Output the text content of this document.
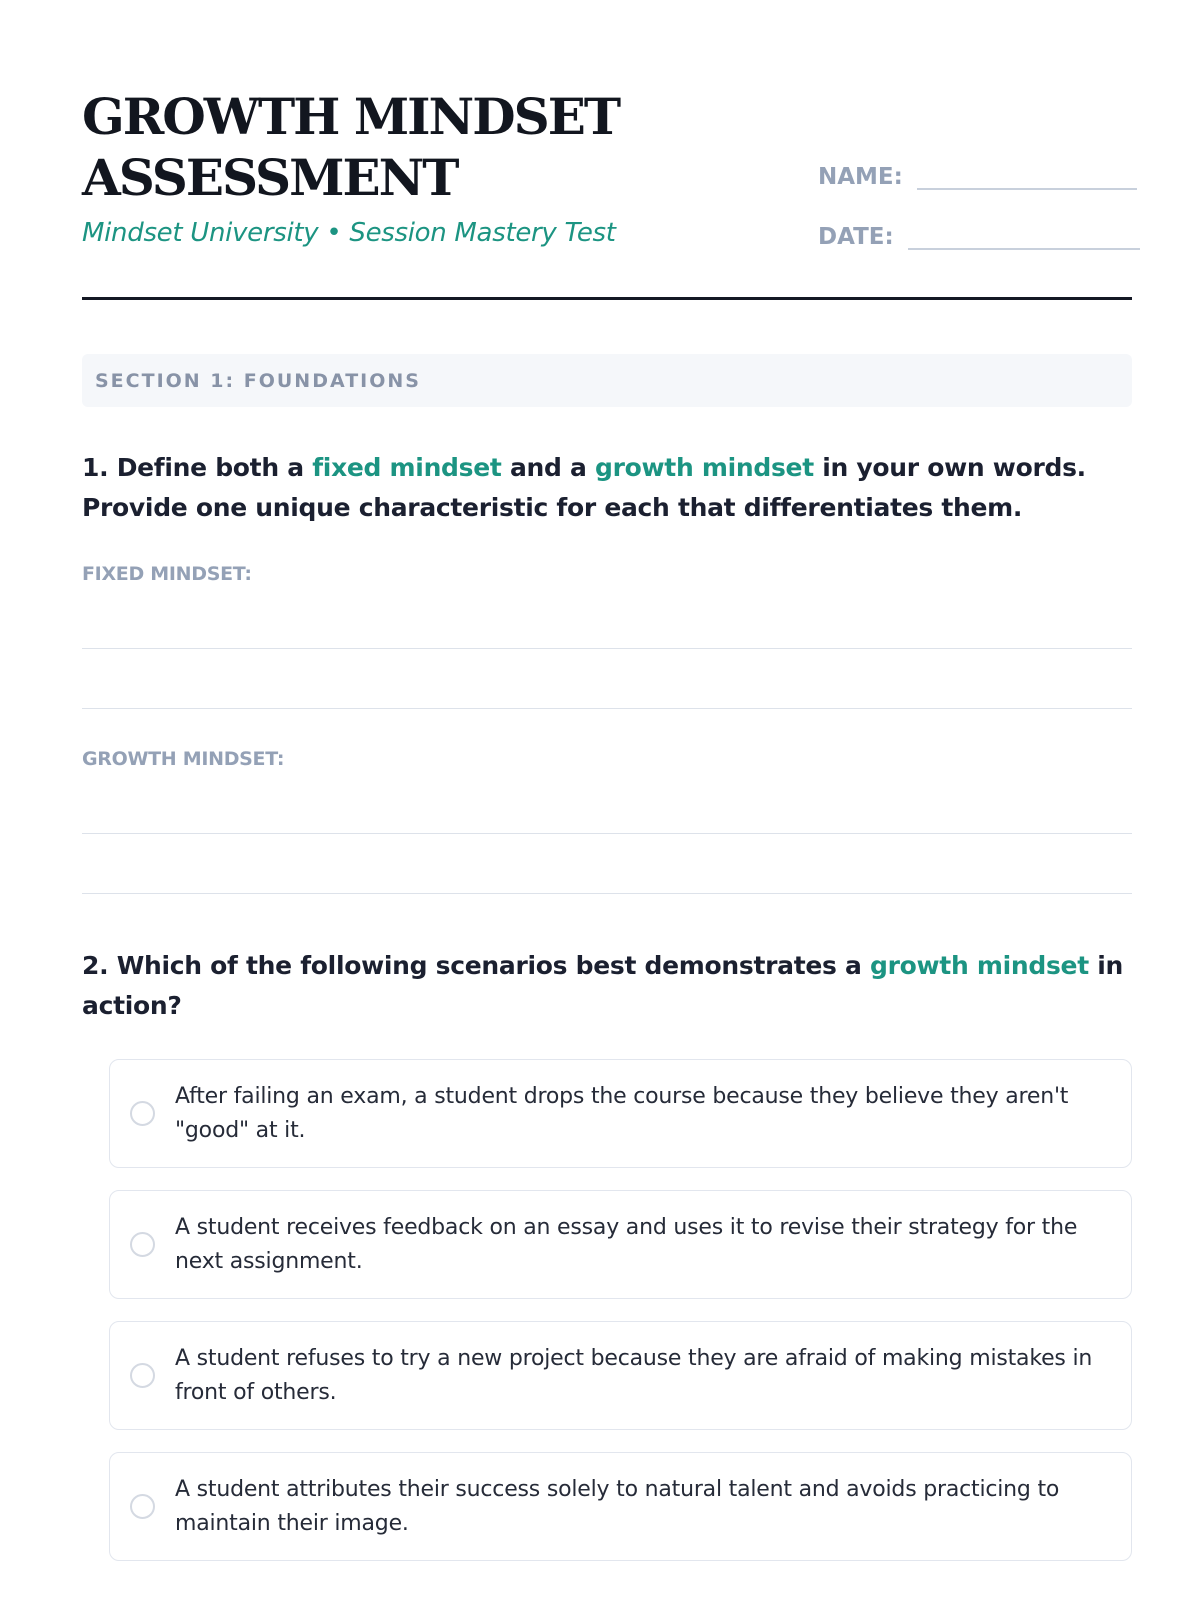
GROWTH MINDSET
ASSESSMENT
Mindset University • Session Mastery Test
NAME:
DATE:
SECTION 1: FOUNDATIONS
1. Define both a fixed mindset and a growth mindset in your own words. Provide one unique characteristic for each that differentiates them.
FIXED MINDSET:
GROWTH MINDSET:
2. Which of the following scenarios best demonstrates a growth mindset in action?
After failing an exam, a student drops the course because they believe they aren't "good" at it.
A student receives feedback on an essay and uses it to revise their strategy for the next assignment.
A student refuses to try a new project because they are afraid of making mistakes in front of others.
A student attributes their success solely to natural talent and avoids practicing to maintain their image.
